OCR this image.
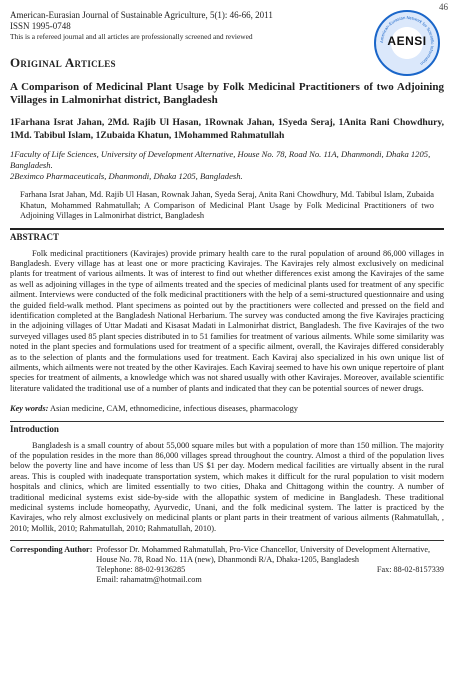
46
American-Eurasian Journal of Sustainable Agriculture, 5(1): 46-66, 2011
ISSN 1995-0748
This is a refereed journal and all articles are professionally screened and reviewed
American-Eurasian Network for Scientific Information
AENSI
Original Articles
A Comparison of Medicinal Plant Usage by Folk Medicinal Practitioners of two Adjoining Villages in Lalmonirhat district, Bangladesh
1Farhana Israt Jahan, 2Md. Rajib Ul Hasan, 1Rownak Jahan, 1Syeda Seraj, 1Anita Rani Chowdhury, 1Md. Tabibul Islam, 1Zubaida Khatun, 1Mohammed Rahmatullah
1Faculty of Life Sciences, University of Development Alternative, House No. 78, Road No. 11A, Dhanmondi, Dhaka 1205, Bangladesh.
2Beximco Pharmaceuticals, Dhanmondi, Dhaka 1205, Bangladesh.
Farhana Israt Jahan, Md. Rajib Ul Hasan, Rownak Jahan, Syeda Seraj, Anita Rani Chowdhury, Md. Tabibul Islam, Zubaida Khatun, Mohammed Rahmatullah; A Comparison of Medicinal Plant Usage by Folk Medicinal Practitioners of two Adjoining Villages in Lalmonirhat district, Bangladesh
ABSTRACT
Folk medicinal practitioners (Kavirajes) provide primary health care to the rural population of around 86,000 villages in Bangladesh. Every village has at least one or more practicing Kavirajes. The Kavirajes rely almost exclusively on medicinal plants for treatment of various ailments. It was of interest to find out whether differences exist among the Kavirajes of the same as well as adjoining villages in the type of ailments treated and the species of medicinal plants used for treatment of any specific ailment. Interviews were conducted of the folk medicinal practitioners with the help of a semi-structured questionnaire and using the guided field-walk method. Plant specimens as pointed out by the practitioners were collected and pressed on the field and identification completed at the Bangladesh National Herbarium. The survey was conducted among the five Kavirajes practicing in the adjoining villages of Uttar Madati and Kisasat Madati in Lalmonirhat district, Bangladesh. The five Kavirajes of the two surveyed villages used 85 plant species distributed in to 51 families for treatment of various ailments. While some similarity was noted in the plant species and formulations used for treatment of a specific ailment, overall, the Kavirajes differed considerably as to the selection of plants and the formulations used for treatment. Each Kaviraj also specialized in his own unique list of ailments, which ailments were not treated by the other Kavirajes. Each Kaviraj seemed to have his own unique repertoire of plant species for treatment of ailments, a knowledge which was not shared usually with other Kavirajes. Moreover, available scientific literature validated the traditional use of a number of plants and indicated that they can be potential sources of newer drugs.
Key words: Asian medicine, CAM, ethnomedicine, infectious diseases, pharmacology
Introduction
Bangladesh is a small country of about 55,000 square miles but with a population of more than 150 million. The majority of the population resides in the more than 86,000 villages spread throughout the country. Almost a third of the population lives below the poverty line and have income of less than US $1 per day. Modern medical facilities are virtually absent in the rural areas. This is coupled with inadequate transportation system, which makes it difficult for the rural population to visit modern hospitals and clinics, which are limited essentially to two cities, Dhaka and Chittagong within the country. A number of traditional medicinal systems exist side-by-side with the allopathic system of medicine in Bangladesh. These traditional medicinal systems include homeopathy, Ayurvedic, Unani, and the folk medicinal system. The latter is practiced by the Kavirajes, who rely almost exclusively on medicinal plants or plant parts in their treatment of various ailments (Rahmatullah, , 2010; Mollik, 2010; Rahmatullah, 2010; Rahmatullah, 2010).
Corresponding Author:	Professor Dr. Mohammed Rahmatullah, Pro-Vice Chancellor, University of Development Alternative, House No. 78, Road No. 11A (new), Dhanmondi R/A, Dhaka-1205, Bangladesh
Telephone: 88-02-9136285	Fax: 88-02-8157339
Email: rahamatm@hotmail.com
